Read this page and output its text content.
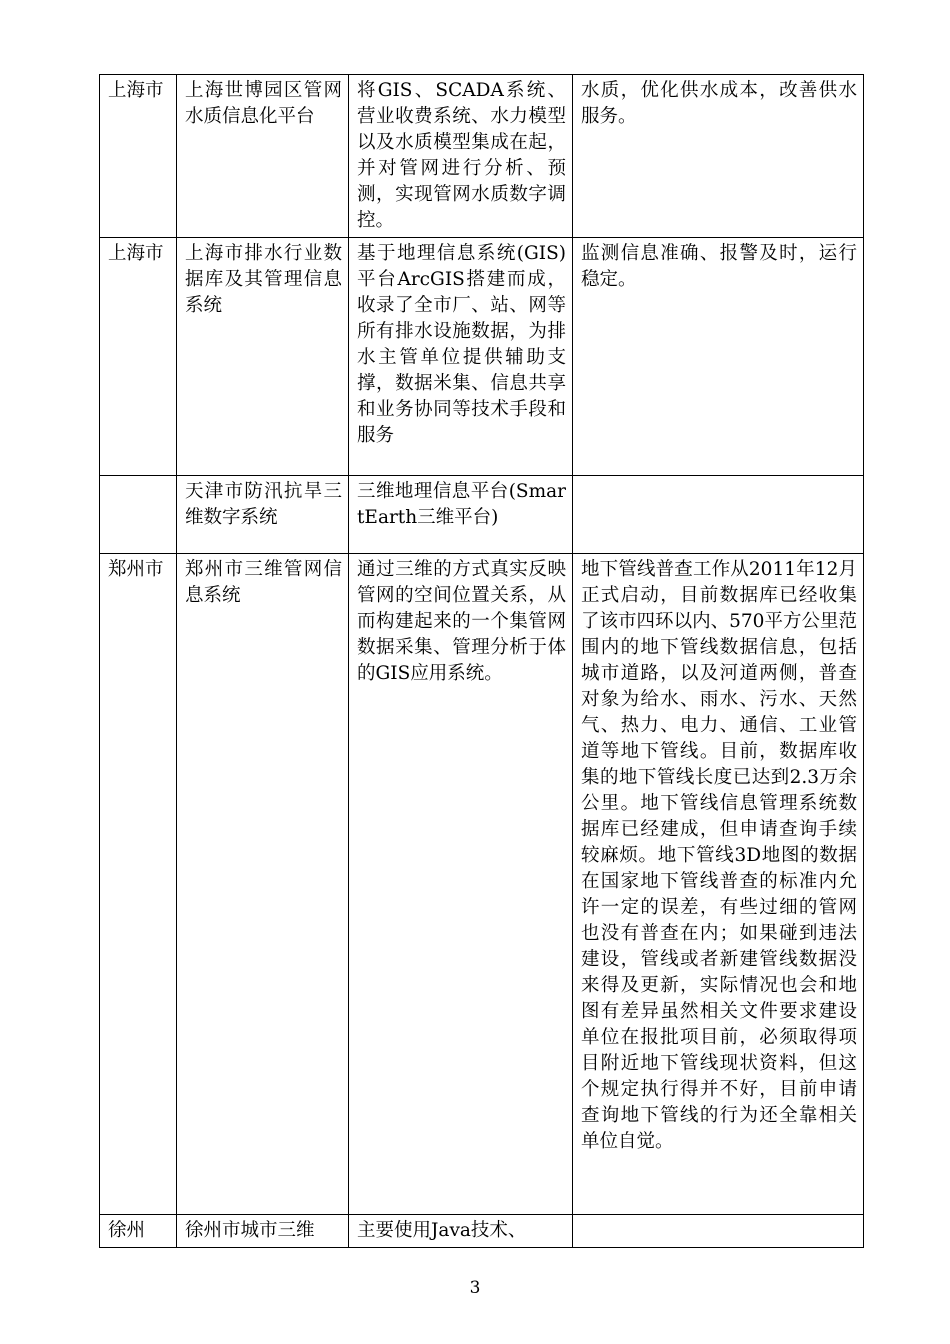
上海市	上海世博园区管网水质信息化平台	将GIS、SCADA系统、营业收费系统、水力模型以及水质模型集成在起，并对管网进行分析、预测，实现管网水质数字调控。	水质，优化供水成本，改善供水服务。
上海市	上海市排水行业数据库及其管理信息系统	基于地理信息系统(GIS)平台ArcGIS搭建而成，收录了全市厂、站、网等所有排水设施数据，为排水主管单位提供辅助支撑，数据米集、信息共享和业务协同等技术手段和服务	监测信息准确、报警及时，运行稳定。
	天津市防汛抗旱三维数字系统	三维地理信息平台(SmartEarth三维平台)	
郑州市	郑州市三维管网信息系统	通过三维的方式真实反映管网的空间位置关系，从而构建起来的一个集管网数据采集、管理分析于体的GIS应用系统。	地下管线普查工作从2011年12月正式启动，目前数据库已经收集了该市四环以内、570平方公里范围内的地下管线数据信息，包括城市道路，以及河道两侧，普查对象为给水、雨水、污水、天然气、热力、电力、通信、工业管道等地下管线。目前，数据库收集的地下管线长度已达到2.3万余公里。地下管线信息管理系统数据库已经建成，但申请查询手续较麻烦。地下管线3D地图的数据在国家地下管线普查的标准内允许一定的误差，有些过细的管网也没有普查在内；如果碰到违法建设，管线或者新建管线数据没来得及更新，实际情况也会和地图有差异虽然相关文件要求建设单位在报批项目前，必须取得项目附近地下管线现状资料，但这个规定执行得并不好，目前申请查询地下管线的行为还全靠相关单位自觉。
徐州	徐州市城市三维	主要使用Java技术、	
3
